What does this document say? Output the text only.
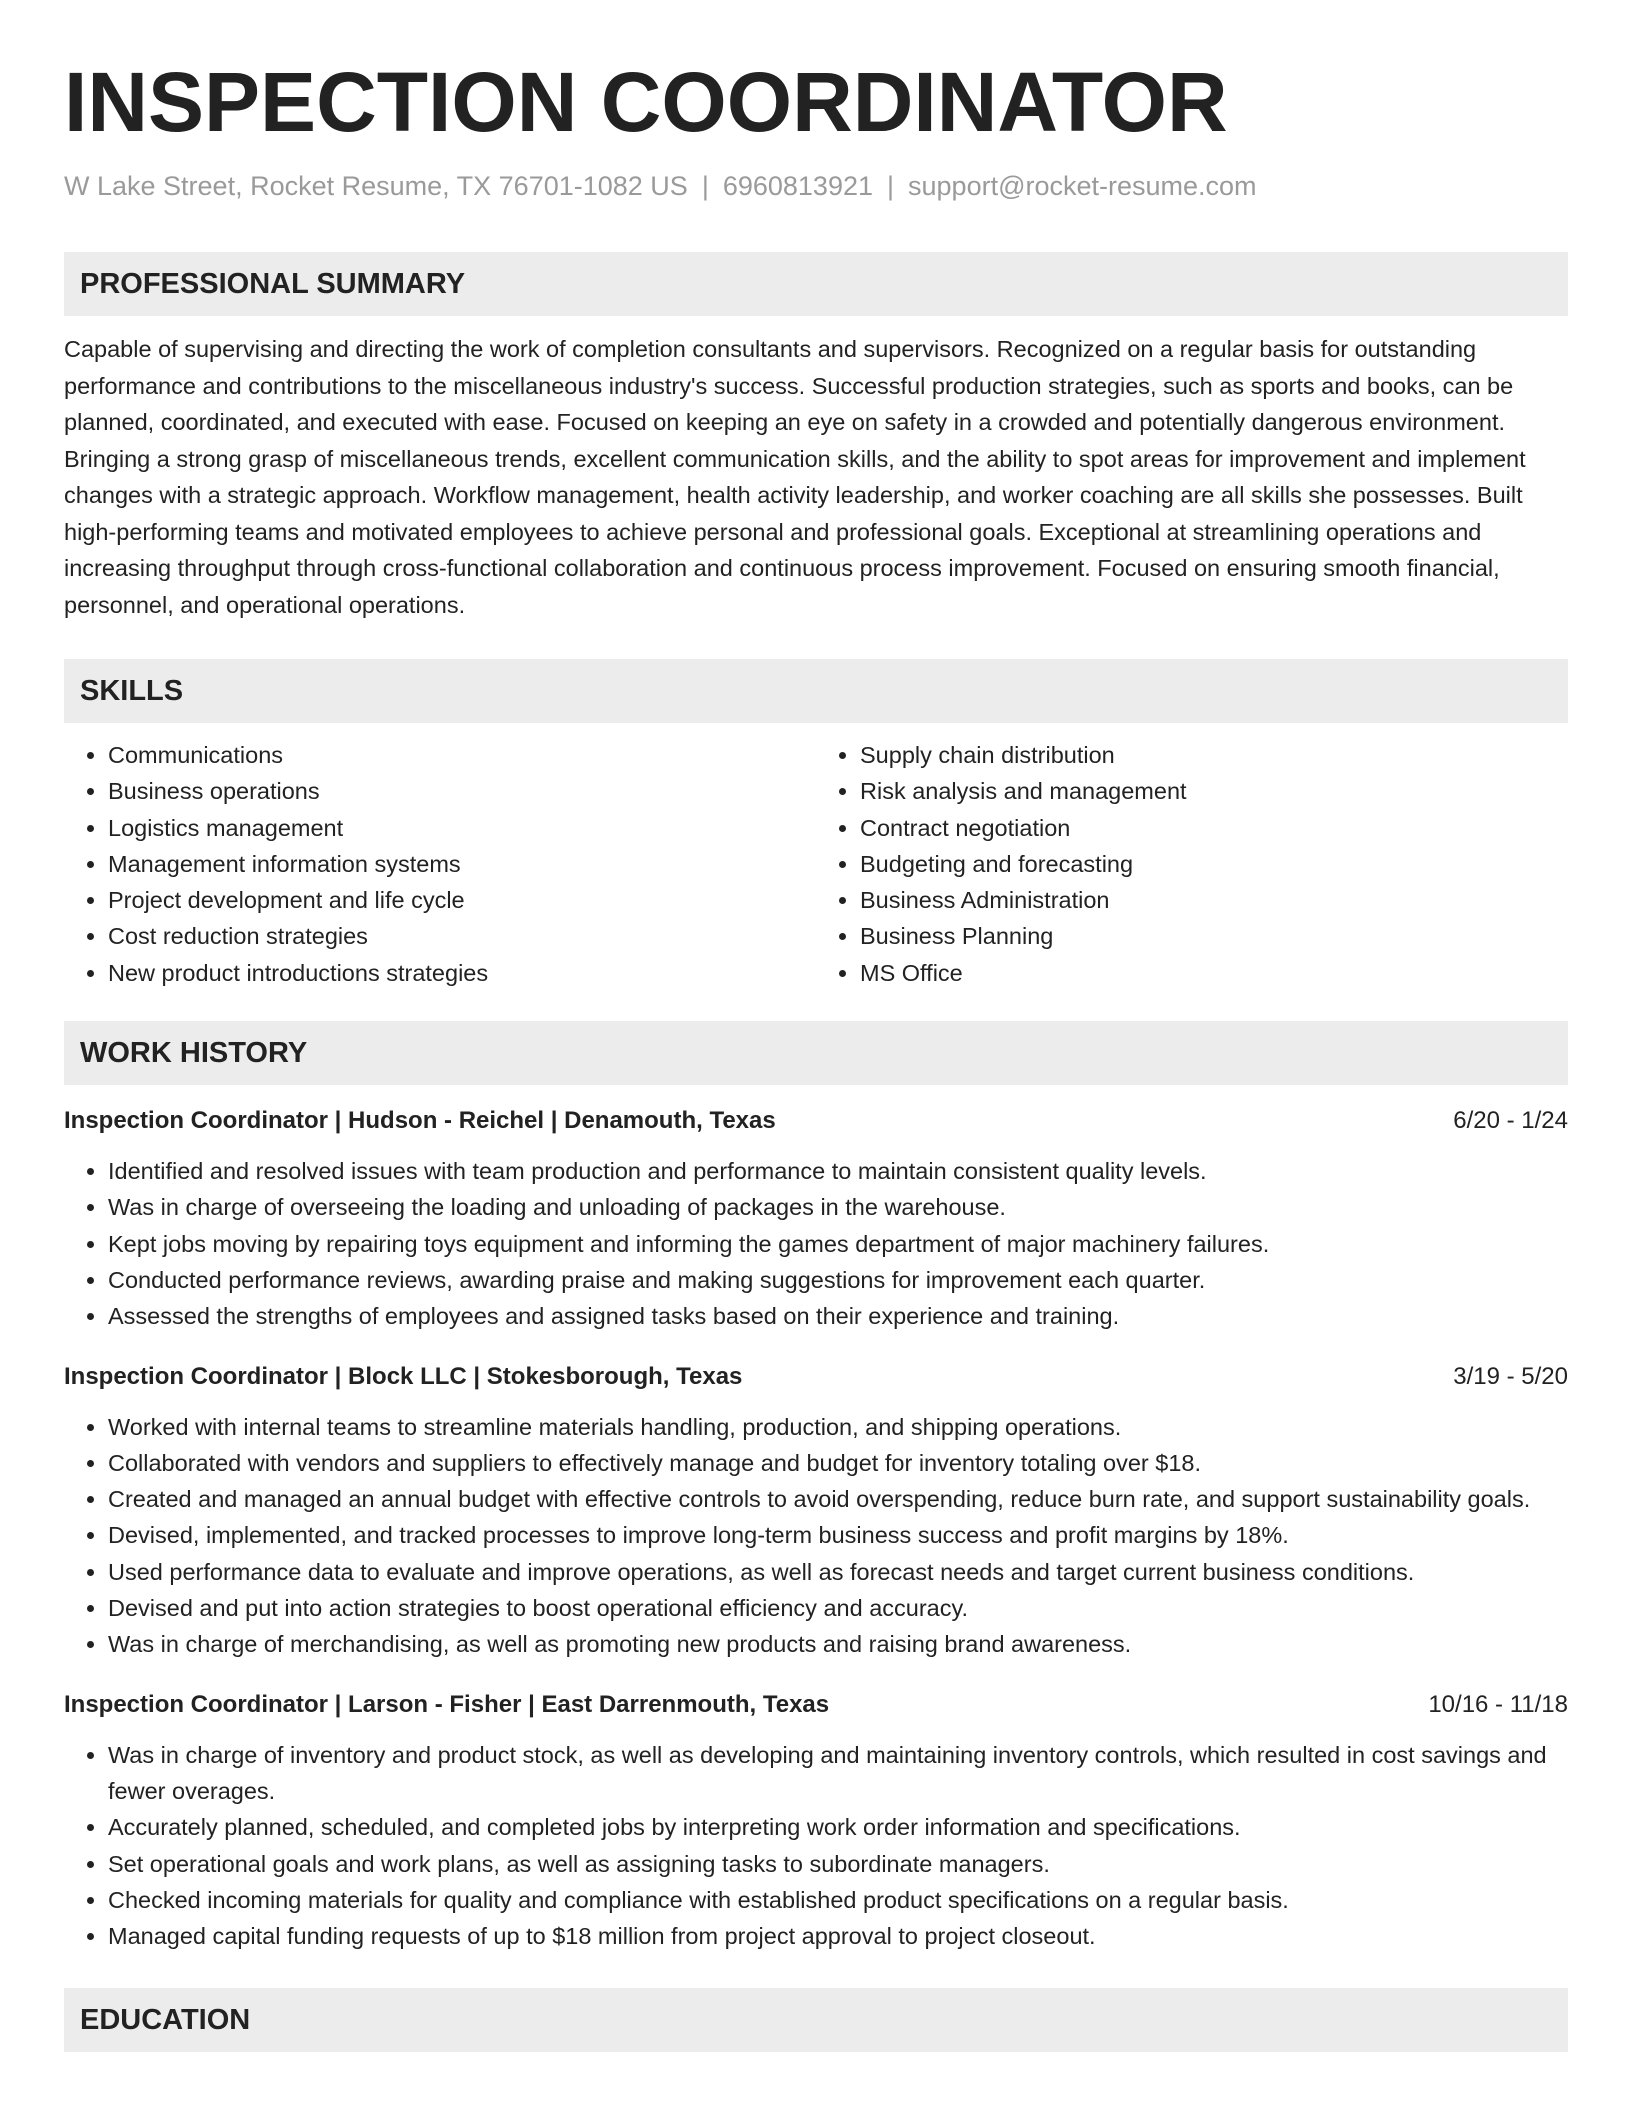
INSPECTION COORDINATOR
W Lake Street, Rocket Resume, TX 76701-1082 US | 6960813921 | support@rocket-resume.com
PROFESSIONAL SUMMARY
Capable of supervising and directing the work of completion consultants and supervisors. Recognized on a regular basis for outstanding performance and contributions to the miscellaneous industry's success. Successful production strategies, such as sports and books, can be planned, coordinated, and executed with ease. Focused on keeping an eye on safety in a crowded and potentially dangerous environment. Bringing a strong grasp of miscellaneous trends, excellent communication skills, and the ability to spot areas for improvement and implement changes with a strategic approach. Workflow management, health activity leadership, and worker coaching are all skills she possesses. Built high-performing teams and motivated employees to achieve personal and professional goals. Exceptional at streamlining operations and increasing throughput through cross-functional collaboration and continuous process improvement. Focused on ensuring smooth financial, personnel, and operational operations.
SKILLS
• Communications
• Business operations
• Logistics management
• Management information systems
• Project development and life cycle
• Cost reduction strategies
• New product introductions strategies
• Supply chain distribution
• Risk analysis and management
• Contract negotiation
• Budgeting and forecasting
• Business Administration
• Business Planning
• MS Office
WORK HISTORY
Inspection Coordinator | Hudson - Reichel | Denamouth, Texas	6/20 - 1/24
• Identified and resolved issues with team production and performance to maintain consistent quality levels.
• Was in charge of overseeing the loading and unloading of packages in the warehouse.
• Kept jobs moving by repairing toys equipment and informing the games department of major machinery failures.
• Conducted performance reviews, awarding praise and making suggestions for improvement each quarter.
• Assessed the strengths of employees and assigned tasks based on their experience and training.
Inspection Coordinator | Block LLC | Stokesborough, Texas	3/19 - 5/20
• Worked with internal teams to streamline materials handling, production, and shipping operations.
• Collaborated with vendors and suppliers to effectively manage and budget for inventory totaling over $18.
• Created and managed an annual budget with effective controls to avoid overspending, reduce burn rate, and support sustainability goals.
• Devised, implemented, and tracked processes to improve long-term business success and profit margins by 18%.
• Used performance data to evaluate and improve operations, as well as forecast needs and target current business conditions.
• Devised and put into action strategies to boost operational efficiency and accuracy.
• Was in charge of merchandising, as well as promoting new products and raising brand awareness.
Inspection Coordinator | Larson - Fisher | East Darrenmouth, Texas	10/16 - 11/18
• Was in charge of inventory and product stock, as well as developing and maintaining inventory controls, which resulted in cost savings and fewer overages.
• Accurately planned, scheduled, and completed jobs by interpreting work order information and specifications.
• Set operational goals and work plans, as well as assigning tasks to subordinate managers.
• Checked incoming materials for quality and compliance with established product specifications on a regular basis.
• Managed capital funding requests of up to $18 million from project approval to project closeout.
EDUCATION
